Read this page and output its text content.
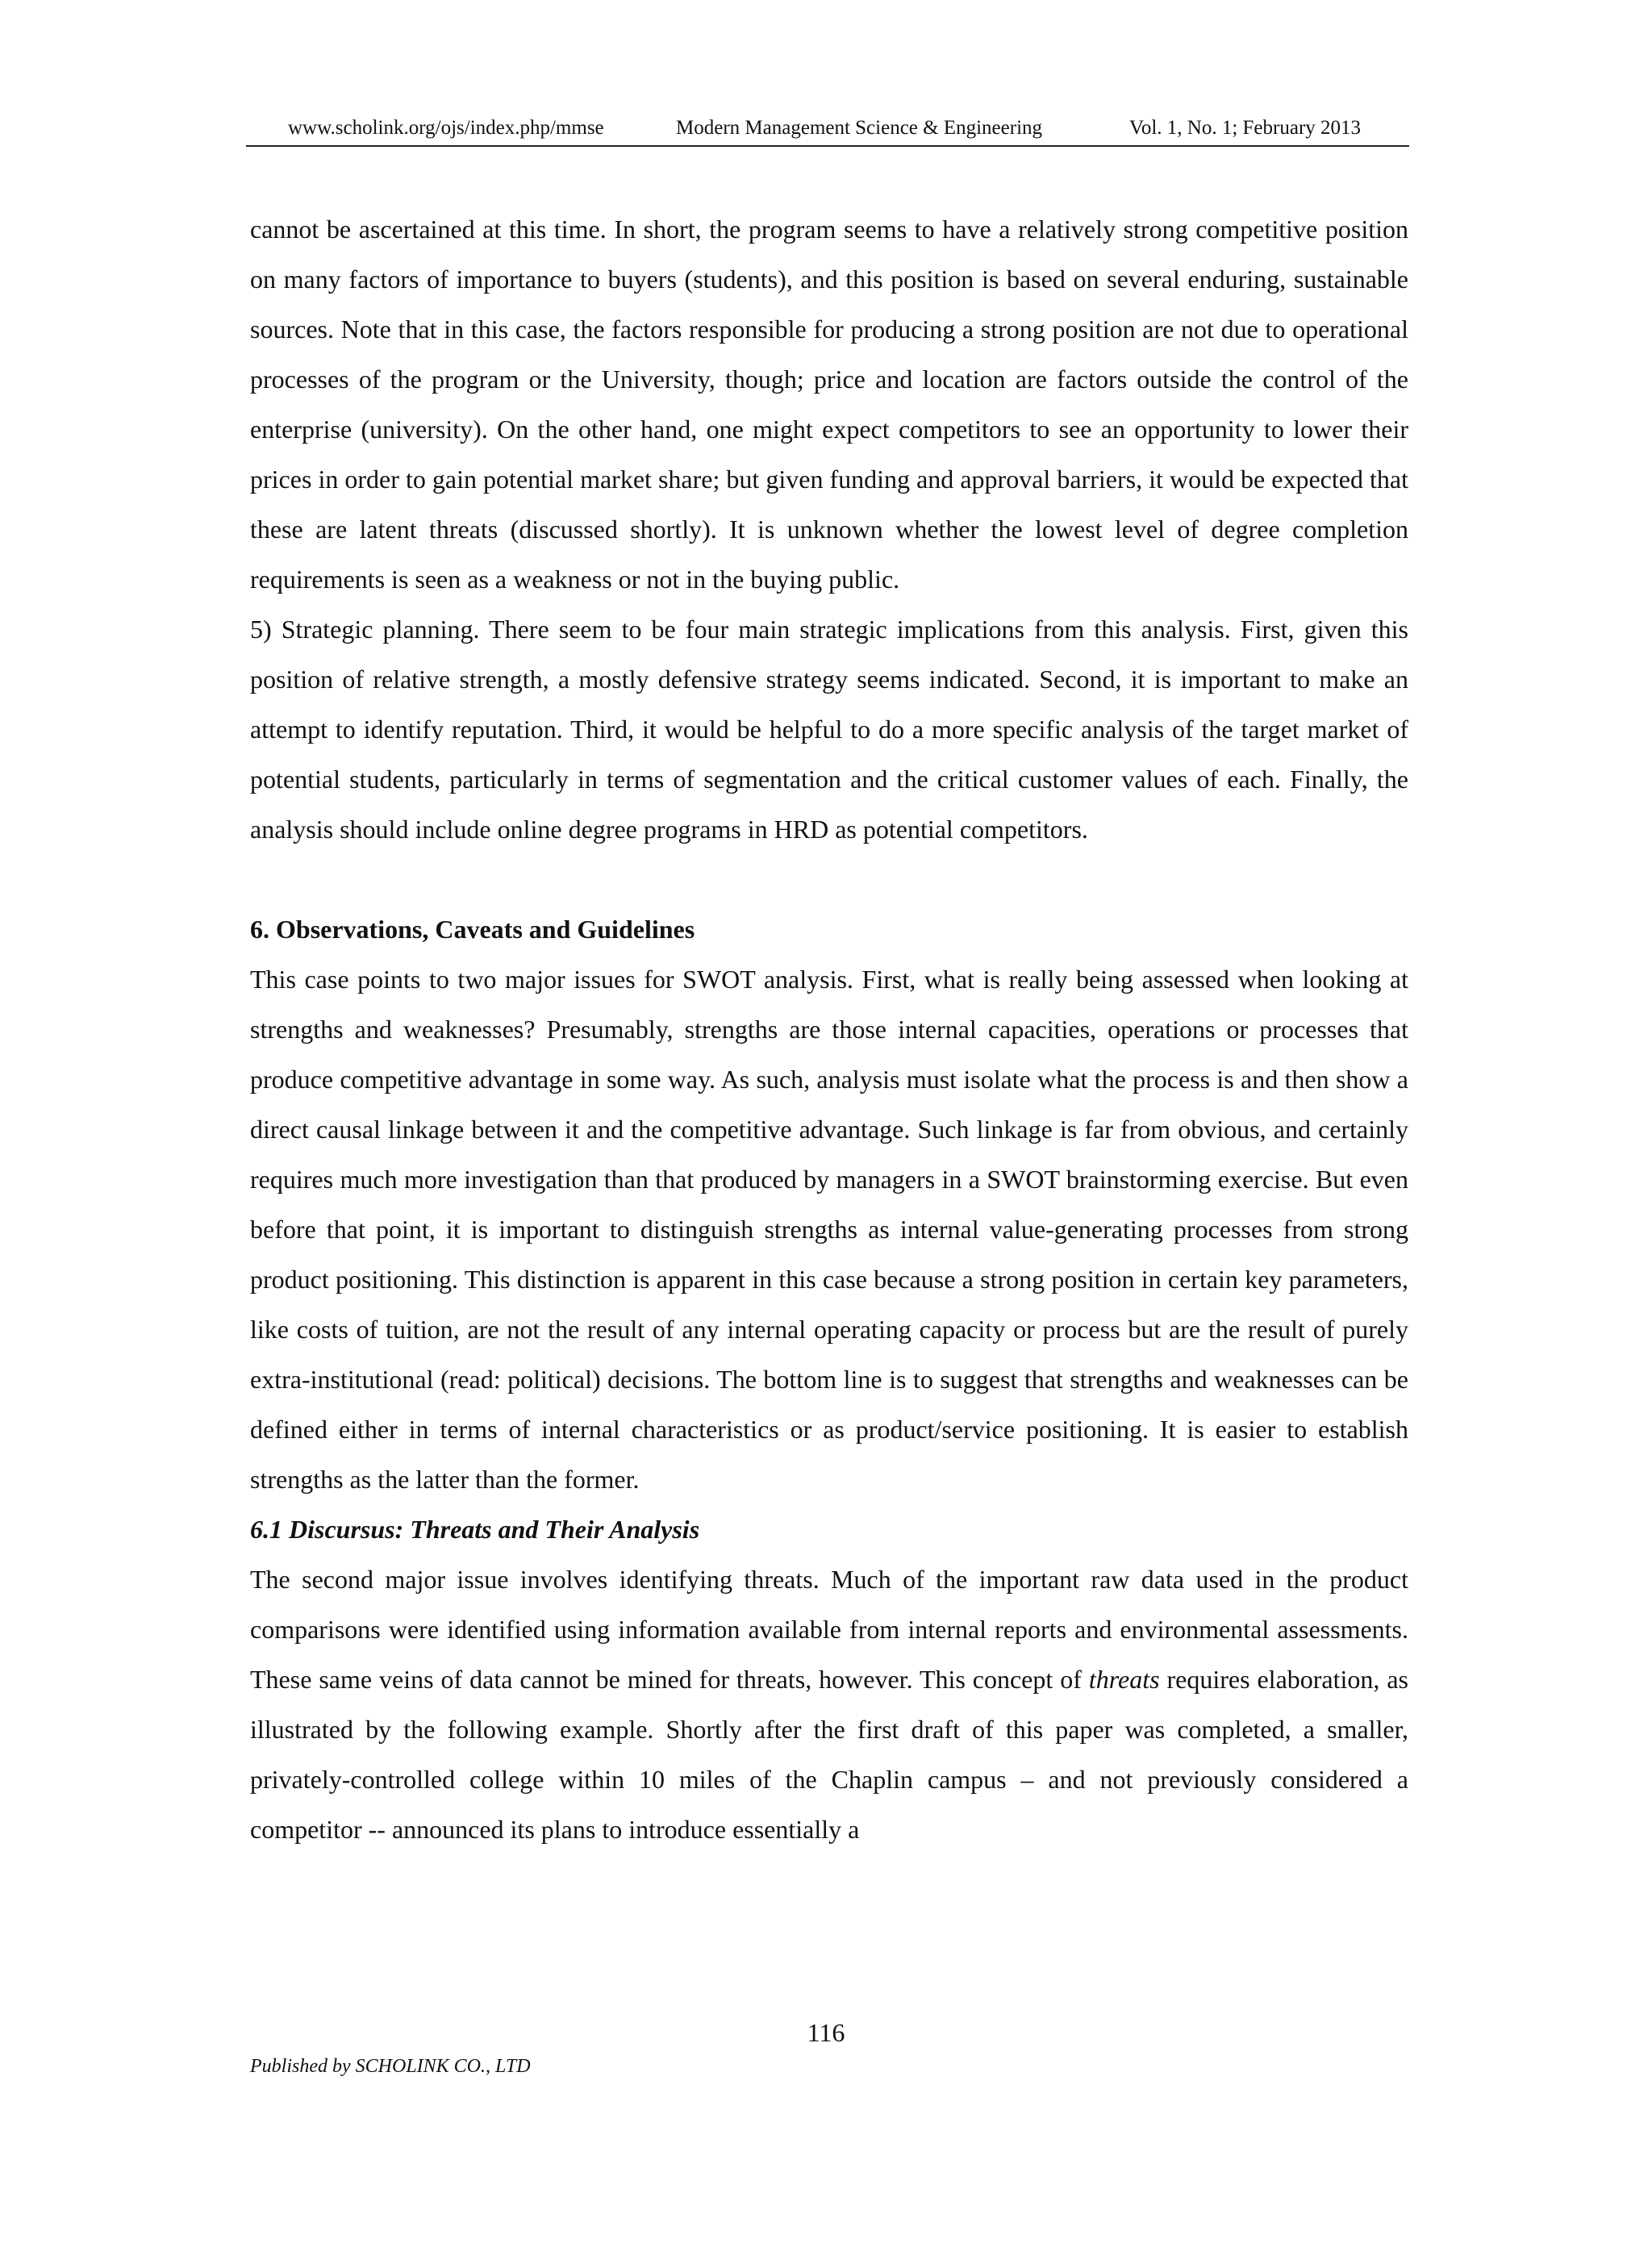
www.scholink.org/ojs/index.php/mmse	Modern Management Science & Engineering	Vol. 1, No. 1; February 2013

cannot be ascertained at this time. In short, the program seems to have a relatively strong competitive position on many factors of importance to buyers (students), and this position is based on several enduring, sustainable sources. Note that in this case, the factors responsible for producing a strong position are not due to operational processes of the program or the University, though; price and location are factors outside the control of the enterprise (university). On the other hand, one might expect competitors to see an opportunity to lower their prices in order to gain potential market share; but given funding and approval barriers, it would be expected that these are latent threats (discussed shortly). It is unknown whether the lowest level of degree completion requirements is seen as a weakness or not in the buying public.

5) Strategic planning. There seem to be four main strategic implications from this analysis. First, given this position of relative strength, a mostly defensive strategy seems indicated. Second, it is important to make an attempt to identify reputation. Third, it would be helpful to do a more specific analysis of the target market of potential students, particularly in terms of segmentation and the critical customer values of each. Finally, the analysis should include online degree programs in HRD as potential competitors.

6. Observations, Caveats and Guidelines

This case points to two major issues for SWOT analysis. First, what is really being assessed when looking at strengths and weaknesses? Presumably, strengths are those internal capacities, operations or processes that produce competitive advantage in some way. As such, analysis must isolate what the process is and then show a direct causal linkage between it and the competitive advantage. Such linkage is far from obvious, and certainly requires much more investigation than that produced by managers in a SWOT brainstorming exercise. But even before that point, it is important to distinguish strengths as internal value-generating processes from strong product positioning. This distinction is apparent in this case because a strong position in certain key parameters, like costs of tuition, are not the result of any internal operating capacity or process but are the result of purely extra-institutional (read: political) decisions. The bottom line is to suggest that strengths and weaknesses can be defined either in terms of internal characteristics or as product/service positioning. It is easier to establish strengths as the latter than the former.

6.1 Discursus: Threats and Their Analysis

The second major issue involves identifying threats. Much of the important raw data used in the product comparisons were identified using information available from internal reports and environmental assessments. These same veins of data cannot be mined for threats, however. This concept of threats requires elaboration, as illustrated by the following example. Shortly after the first draft of this paper was completed, a smaller, privately-controlled college within 10 miles of the Chaplin campus – and not previously considered a competitor -- announced its plans to introduce essentially a

116
Published by SCHOLINK CO., LTD
